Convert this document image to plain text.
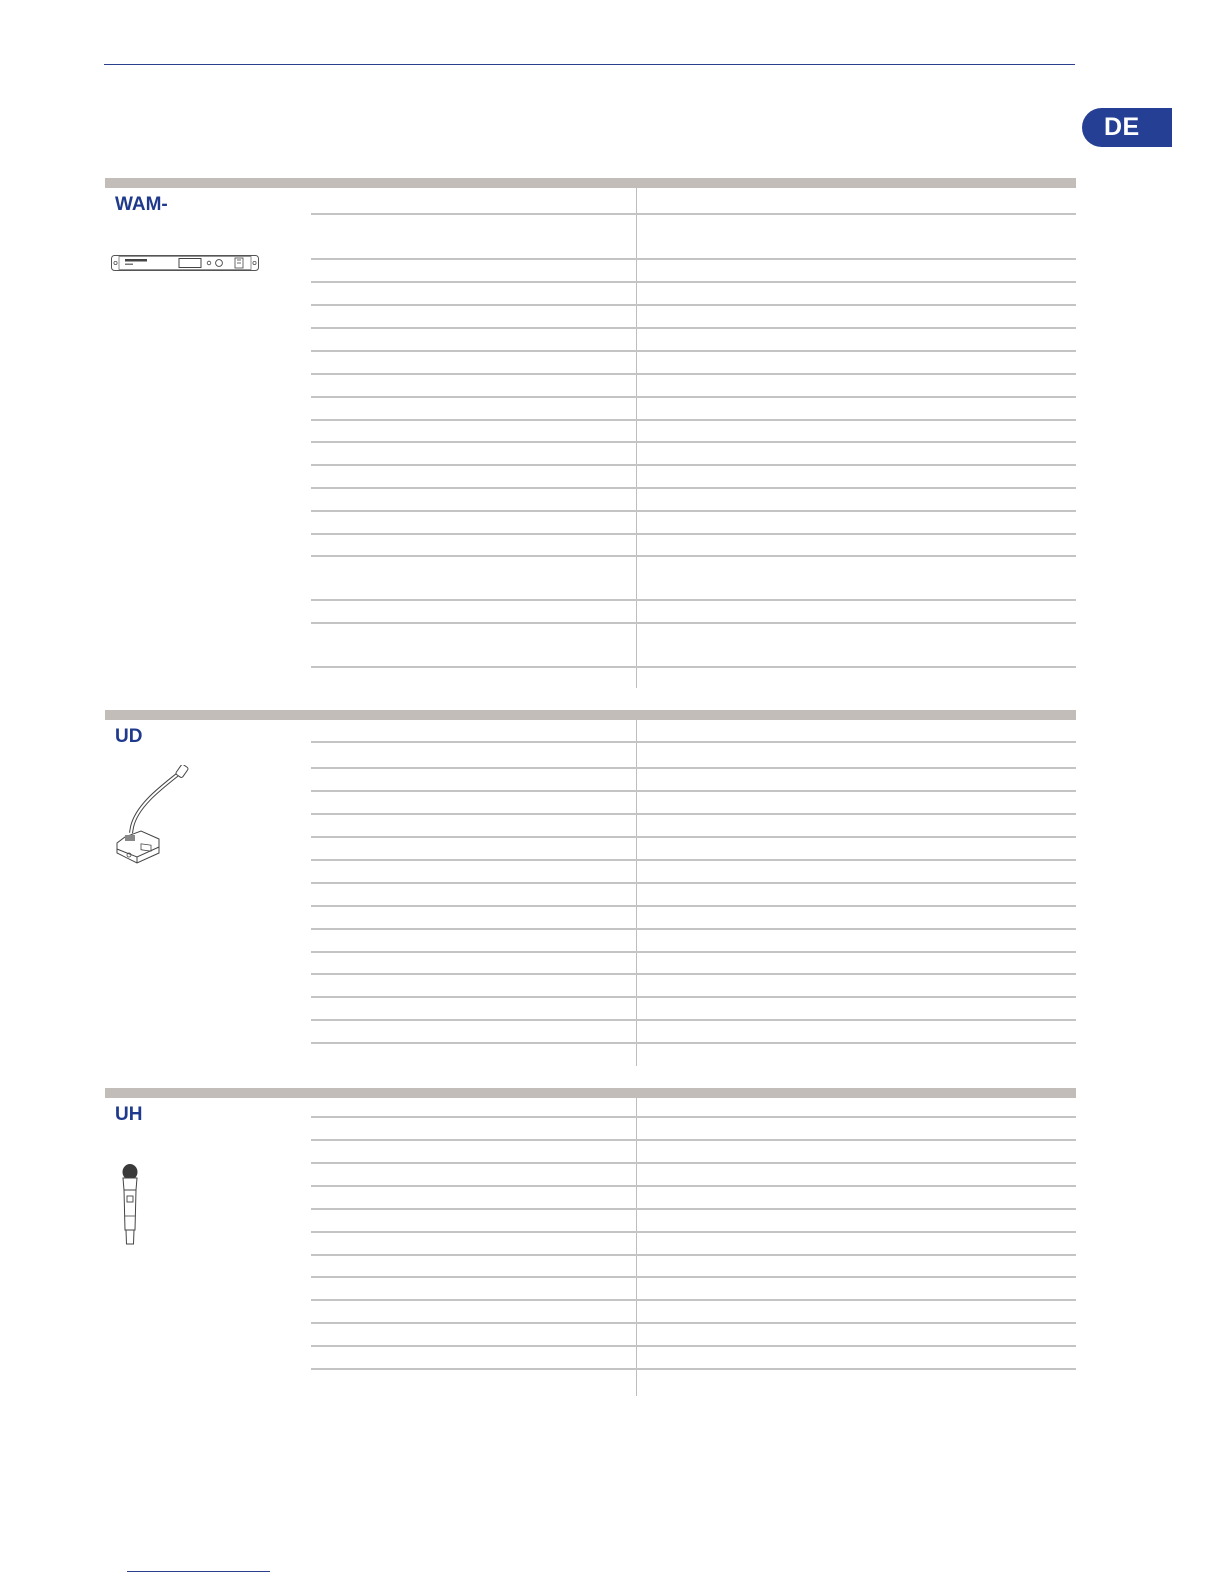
DE
WAM-
UD
UH
